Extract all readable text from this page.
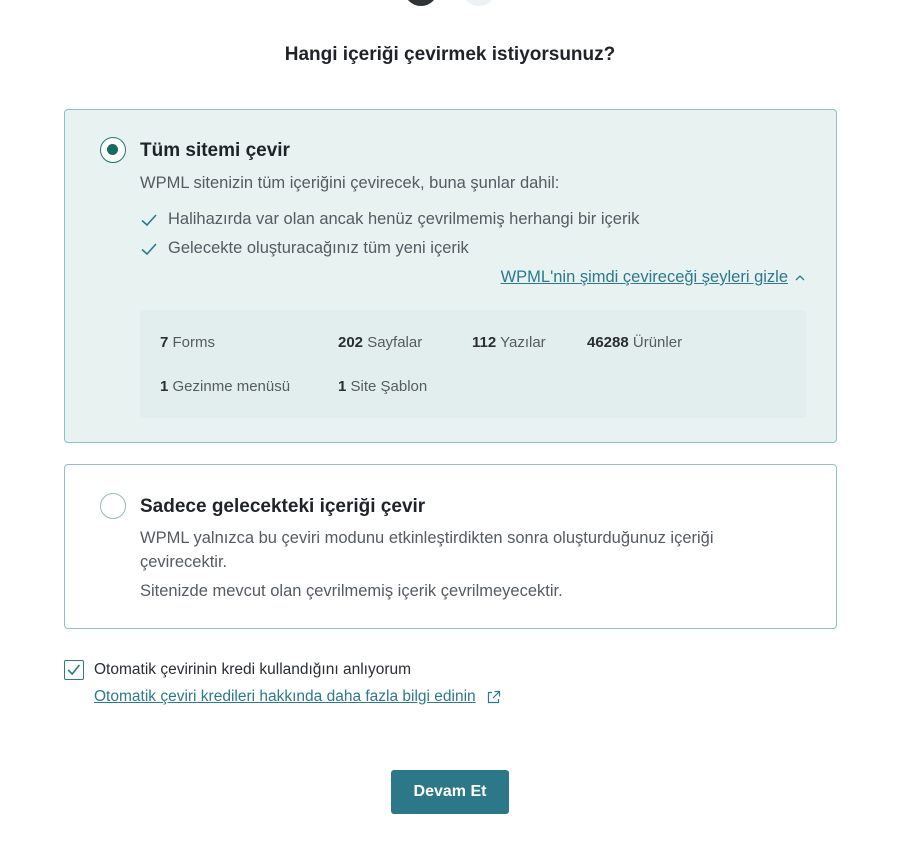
Hangi içeriği çevirmek istiyorsunuz?
Tüm sitemi çevir
WPML sitenizin tüm içeriğini çevirecek, buna şunlar dahil:
Halihazırda var olan ancak henüz çevrilmemiş herhangi bir içerik
Gelecekte oluşturacağınız tüm yeni içerik
WPML'nin şimdi çevireceği şeyleri gizle
7 Forms	202 Sayfalar	112 Yazılar	46288 Ürünler
1 Gezinme menüsü	1 Site Şablon
Sadece gelecekteki içeriği çevir
WPML yalnızca bu çeviri modunu etkinleştirdikten sonra oluşturduğunuz içeriği çevirecektir.
Sitenizde mevcut olan çevrilmemiş içerik çevrilmeyecektir.
Otomatik çevirinin kredi kullandığını anlıyorum
Otomatik çeviri kredileri hakkında daha fazla bilgi edinin
Devam Et
